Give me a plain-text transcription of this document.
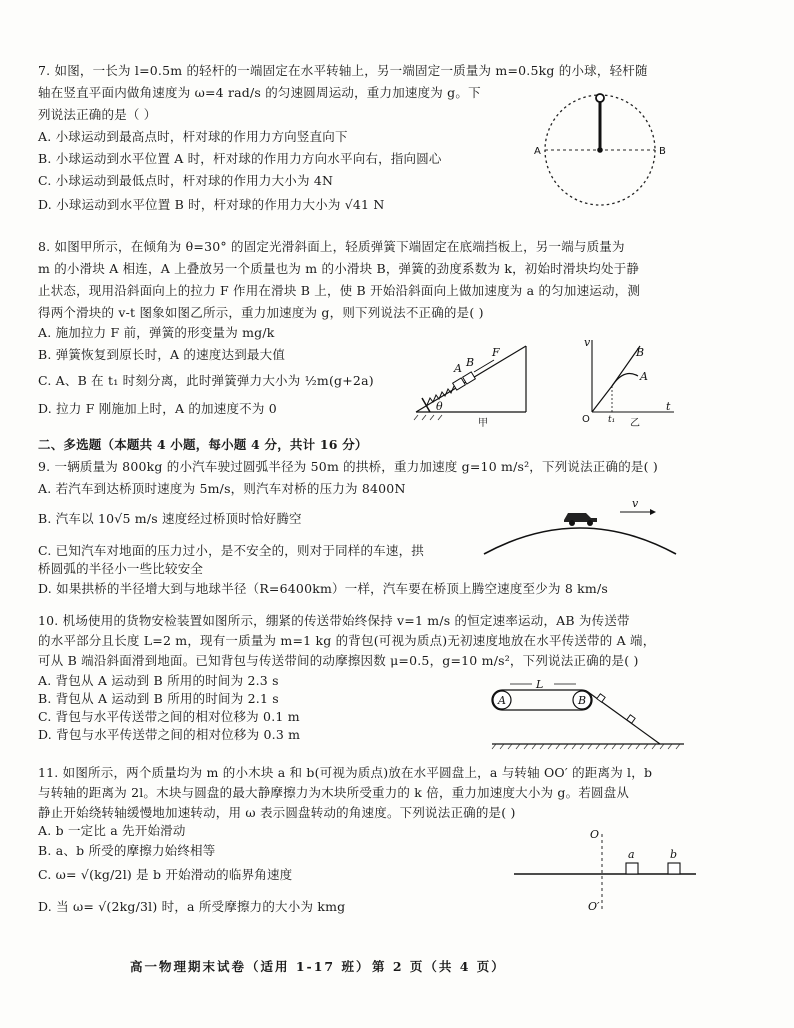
7. 如图，一长为 l=0.5m 的轻杆的一端固定在水平转轴上，另一端固定一质量为 m=0.5kg 的小球，轻杆随
轴在竖直平面内做角速度为 ω=4 rad/s 的匀速圆周运动，重力加速度为 g。下
列说法正确的是（ ）
A. 小球运动到最高点时，杆对球的作用力方向竖直向下
B. 小球运动到水平位置 A 时，杆对球的作用力方向水平向右，指向圆心
C. 小球运动到最低点时，杆对球的作用力大小为 4N
D. 小球运动到水平位置 B 时，杆对球的作用力大小为 √41 N
A	B
8. 如图甲所示，在倾角为 θ=30° 的固定光滑斜面上，轻质弹簧下端固定在底端挡板上，另一端与质量为
m 的小滑块 A 相连，A 上叠放另一个质量也为 m 的小滑块 B，弹簧的劲度系数为 k，初始时滑块均处于静
止状态，现用沿斜面向上的拉力 F 作用在滑块 B 上，使 B 开始沿斜面向上做加速度为 a 的匀加速运动，测
得两个滑块的 v-t 图象如图乙所示，重力加速度为 g，则下列说法不正确的是( )
A. 施加拉力 F 前，弹簧的形变量为 mg/k
B. 弹簧恢复到原长时，A 的速度达到最大值
C. A、B 在 t₁ 时刻分离，此时弹簧弹力大小为 ½m(g+2a)
D. 拉力 F 刚施加上时，A 的加速度不为 0
A B
F
θ
甲
v
t
O t₁
B
A
乙
二、多选题（本题共 4 小题，每小题 4 分，共计 16 分）
9. 一辆质量为 800kg 的小汽车驶过圆弧半径为 50m 的拱桥，重力加速度 g=10 m/s²，下列说法正确的是( )
A. 若汽车到达桥顶时速度为 5m/s，则汽车对桥的压力为 8400N
B. 汽车以 10√5 m/s 速度经过桥顶时恰好腾空
C. 已知汽车对地面的压力过小，是不安全的，则对于同样的车速，拱
桥圆弧的半径小一些比较安全
D. 如果拱桥的半径增大到与地球半径（R=6400km）一样，汽车要在桥顶上腾空速度至少为 8 km/s
v
10. 机场使用的货物安检装置如图所示，绷紧的传送带始终保持 v=1 m/s 的恒定速率运动，AB 为传送带
的水平部分且长度 L=2 m，现有一质量为 m=1 kg 的背包(可视为质点)无初速度地放在水平传送带的 A 端，
可从 B 端沿斜面滑到地面。已知背包与传送带间的动摩擦因数 μ=0.5，g=10 m/s²，下列说法正确的是( )
A. 背包从 A 运动到 B 所用的时间为 2.3 s
B. 背包从 A 运动到 B 所用的时间为 2.1 s
C. 背包与水平传送带之间的相对位移为 0.1 m
D. 背包与水平传送带之间的相对位移为 0.3 m
L
A	B
11. 如图所示，两个质量均为 m 的小木块 a 和 b(可视为质点)放在水平圆盘上，a 与转轴 OO′ 的距离为 l，b
与转轴的距离为 2l。木块与圆盘的最大静摩擦力为木块所受重力的 k 倍，重力加速度大小为 g。若圆盘从
静止开始绕转轴缓慢地加速转动，用 ω 表示圆盘转动的角速度。下列说法正确的是( )
A. b 一定比 a 先开始滑动
B. a、b 所受的摩擦力始终相等
C. ω= √(kg/2l) 是 b 开始滑动的临界角速度
D. 当 ω= √(2kg/3l) 时，a 所受摩擦力的大小为 kmg
a	b
O
O′
高一物理期末试卷（适用 1-17 班） 第 2 页（共 4 页）
